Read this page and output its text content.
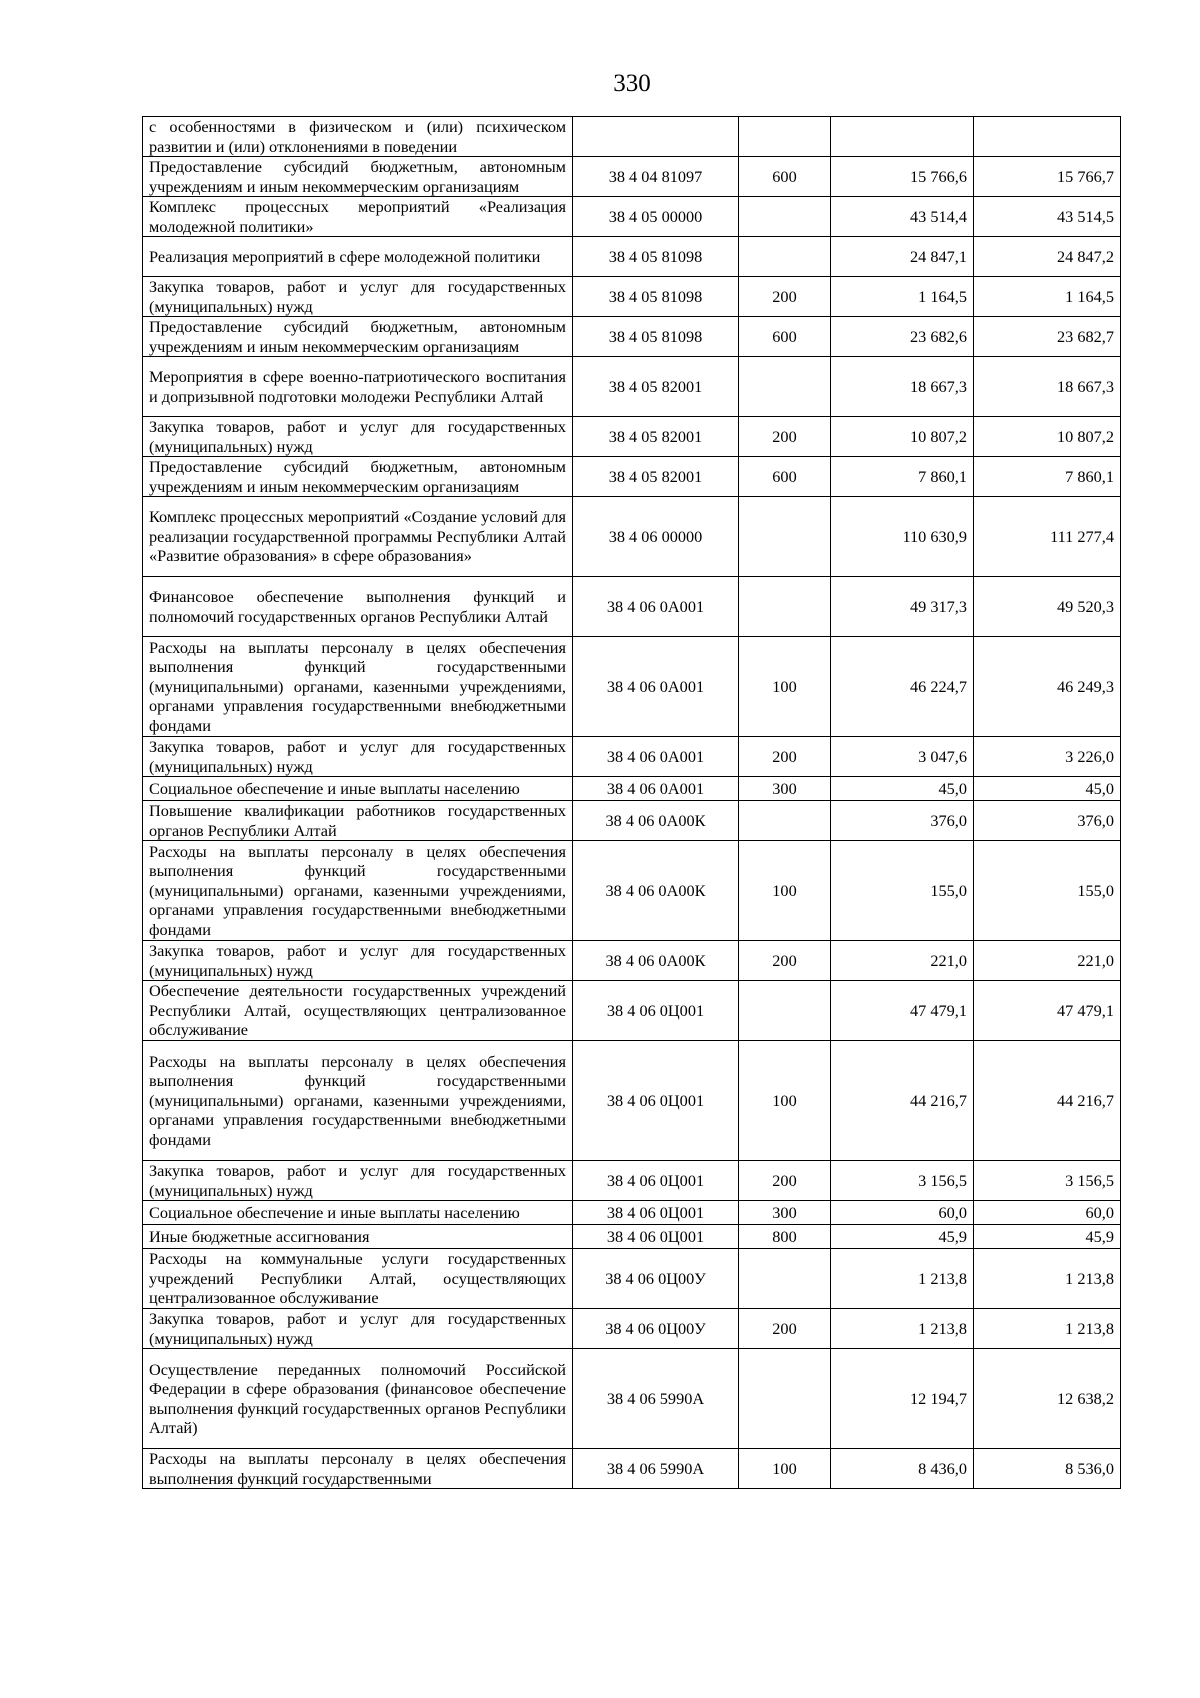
330
с особенностями в физическом и (или) психическом развитии и (или) отклонениями в поведении				
Предоставление субсидий бюджетным, автономным учреждениям и иным некоммерческим организациям	38 4 04 81097	600	15 766,6	15 766,7
Комплекс процессных мероприятий «Реализация молодежной политики»	38 4 05 00000		43 514,4	43 514,5
Реализация мероприятий в сфере молодежной политики	38 4 05 81098		24 847,1	24 847,2
Закупка товаров, работ и услуг для государственных (муниципальных) нужд	38 4 05 81098	200	1 164,5	1 164,5
Предоставление субсидий бюджетным, автономным учреждениям и иным некоммерческим организациям	38 4 05 81098	600	23 682,6	23 682,7
Мероприятия в сфере военно-патриотического воспитания и допризывной подготовки молодежи Республики Алтай	38 4 05 82001		18 667,3	18 667,3
Закупка товаров, работ и услуг для государственных (муниципальных) нужд	38 4 05 82001	200	10 807,2	10 807,2
Предоставление субсидий бюджетным, автономным учреждениям и иным некоммерческим организациям	38 4 05 82001	600	7 860,1	7 860,1
Комплекс процессных мероприятий «Создание условий для реализации государственной программы Республики Алтай «Развитие образования» в сфере образования»	38 4 06 00000		110 630,9	111 277,4
Финансовое обеспечение выполнения функций и полномочий государственных органов Республики Алтай	38 4 06 0А001		49 317,3	49 520,3
Расходы на выплаты персоналу в целях обеспечения выполнения функций государственными (муниципальными) органами, казенными учреждениями, органами управления государственными внебюджетными фондами	38 4 06 0А001	100	46 224,7	46 249,3
Закупка товаров, работ и услуг для государственных (муниципальных) нужд	38 4 06 0А001	200	3 047,6	3 226,0
Социальное обеспечение и иные выплаты населению	38 4 06 0А001	300	45,0	45,0
Повышение квалификации работников государственных органов Республики Алтай	38 4 06 0А00К		376,0	376,0
Расходы на выплаты персоналу в целях обеспечения выполнения функций государственными (муниципальными) органами, казенными учреждениями, органами управления государственными внебюджетными фондами	38 4 06 0А00К	100	155,0	155,0
Закупка товаров, работ и услуг для государственных (муниципальных) нужд	38 4 06 0А00К	200	221,0	221,0
Обеспечение деятельности государственных учреждений Республики Алтай, осуществляющих централизованное обслуживание	38 4 06 0Ц001		47 479,1	47 479,1
Расходы на выплаты персоналу в целях обеспечения выполнения функций государственными (муниципальными) органами, казенными учреждениями, органами управления государственными внебюджетными фондами	38 4 06 0Ц001	100	44 216,7	44 216,7
Закупка товаров, работ и услуг для государственных (муниципальных) нужд	38 4 06 0Ц001	200	3 156,5	3 156,5
Социальное обеспечение и иные выплаты населению	38 4 06 0Ц001	300	60,0	60,0
Иные бюджетные ассигнования	38 4 06 0Ц001	800	45,9	45,9
Расходы на коммунальные услуги государственных учреждений Республики Алтай, осуществляющих централизованное обслуживание	38 4 06 0Ц00У		1 213,8	1 213,8
Закупка товаров, работ и услуг для государственных (муниципальных) нужд	38 4 06 0Ц00У	200	1 213,8	1 213,8
Осуществление переданных полномочий Российской Федерации в сфере образования (финансовое обеспечение выполнения функций государственных органов Республики Алтай)	38 4 06 5990А		12 194,7	12 638,2
Расходы на выплаты персоналу в целях обеспечения выполнения функций государственными	38 4 06 5990А	100	8 436,0	8 536,0
